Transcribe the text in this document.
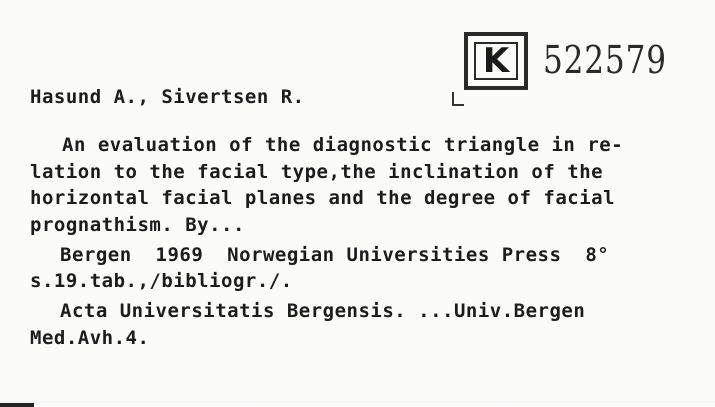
K 522579
Hasund A., Sivertsen R.
An evaluation of the diagnostic triangle in re-
lation to the facial type,the inclination of the
horizontal facial planes and the degree of facial
prognathism. By...
Bergen  1969  Norwegian Universities Press  8°
s.19.tab.,/bibliogr./.
Acta Universitatis Bergensis. ...Univ.Bergen
Med.Avh.4.
